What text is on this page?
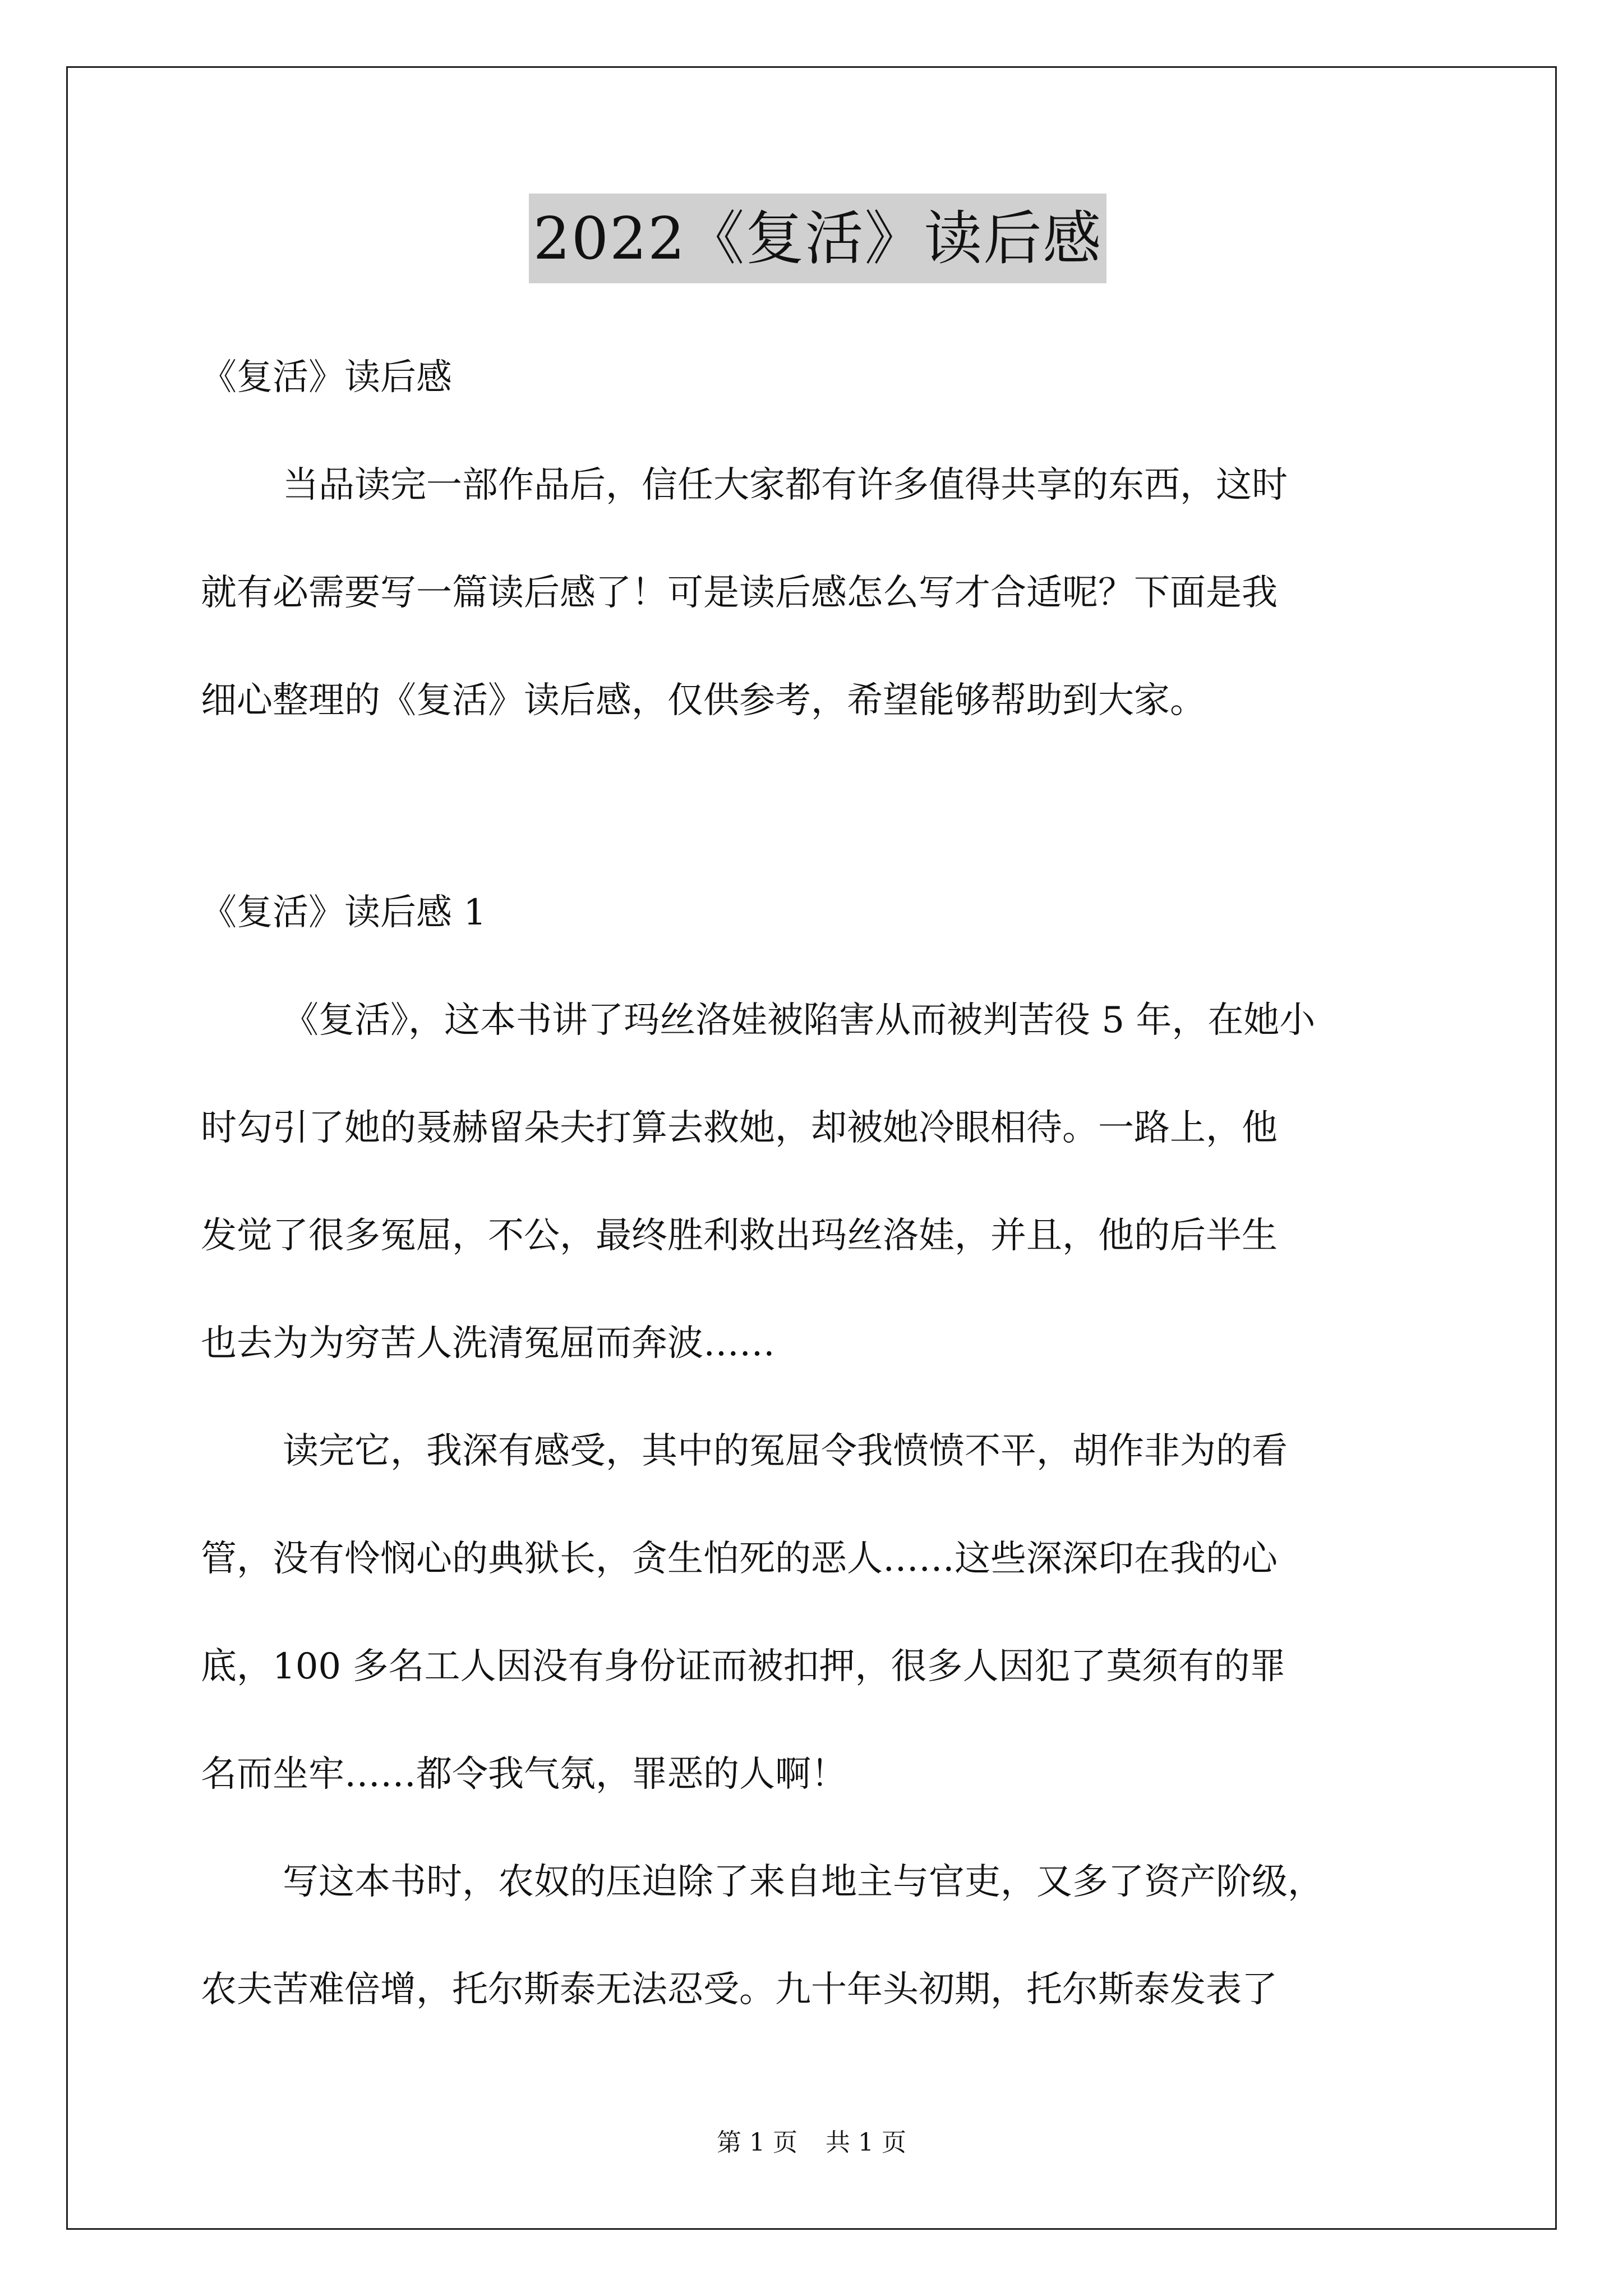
2022《复活》读后感
《复活》读后感
当品读完一部作品后，信任大家都有许多值得共享的东西，这时
就有必需要写一篇读后感了！可是读后感怎么写才合适呢？下面是我
细心整理的《复活》读后感，仅供参考，希望能够帮助到大家。
《复活》读后感 1
《复活》，这本书讲了玛丝洛娃被陷害从而被判苦役 5 年，在她小
时勾引了她的聂赫留朵夫打算去救她，却被她冷眼相待。一路上，他
发觉了很多冤屈，不公，最终胜利救出玛丝洛娃，并且，他的后半生
也去为为穷苦人洗清冤屈而奔波……
读完它，我深有感受，其中的冤屈令我愤愤不平，胡作非为的看
管，没有怜悯心的典狱长，贪生怕死的恶人……这些深深印在我的心
底，100 多名工人因没有身份证而被扣押，很多人因犯了莫须有的罪
名而坐牢……都令我气氛，罪恶的人啊！
写这本书时，农奴的压迫除了来自地主与官吏，又多了资产阶级，
农夫苦难倍增，托尔斯泰无法忍受。九十年头初期，托尔斯泰发表了
第 1 页 共 1 页
